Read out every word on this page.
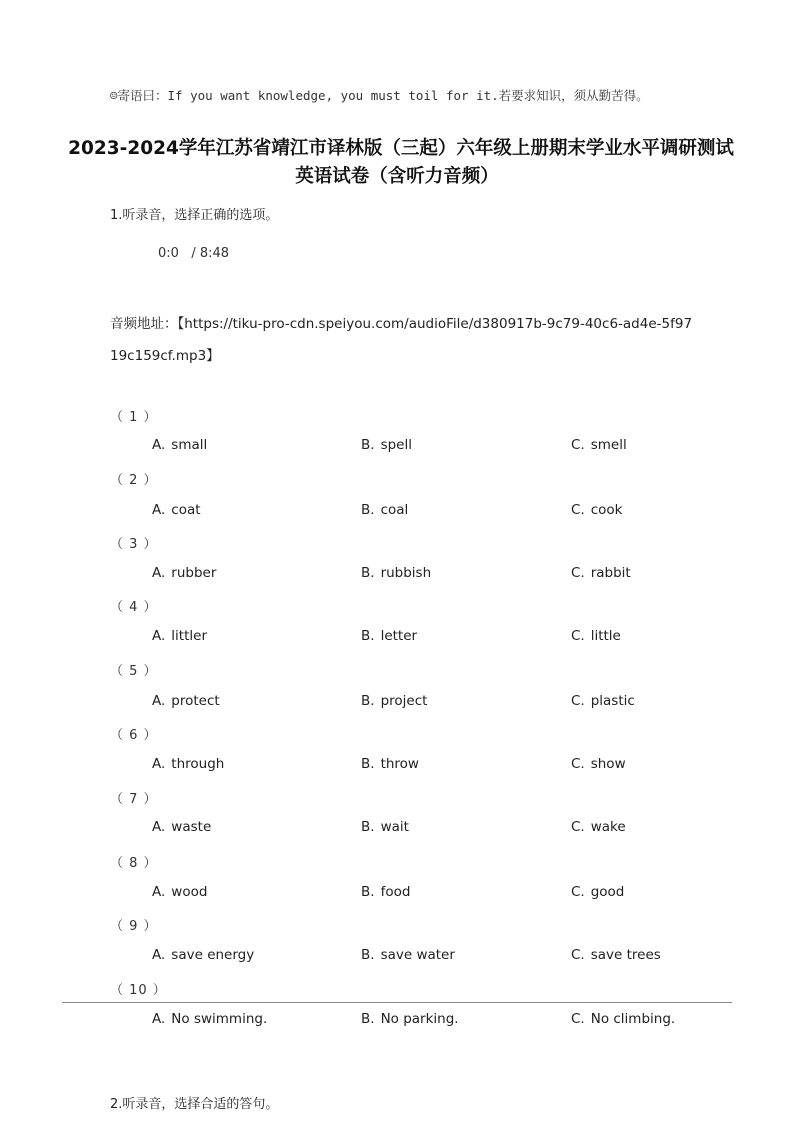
☺寄语曰：If you want knowledge, you must toil for it.若要求知识，须从勤苦得。
2023-2024学年江苏省靖江市译林版（三起）六年级上册期末学业水平调研测试
英语试卷（含听力音频）
1.听录音，选择正确的选项。
0:0 / 8:48
音频地址：【https://tiku-pro-cdn.speiyou.com/audioFile/d380917b-9c79-40c6-ad4e-5f9719c159cf.mp3】
（ 1 ）
A. small	B. spell	C. smell
（ 2 ）
A. coat	B. coal	C. cook
（ 3 ）
A. rubber	B. rubbish	C. rabbit
（ 4 ）
A. littler	B. letter	C. little
（ 5 ）
A. protect	B. project	C. plastic
（ 6 ）
A. through	B. throw	C. show
（ 7 ）
A. waste	B. wait	C. wake
（ 8 ）
A. wood	B. food	C. good
（ 9 ）
A. save energy	B. save water	C. save trees
（ 10 ）
A. No swimming.	B. No parking.	C. No climbing.
2.听录音，选择合适的答句。
